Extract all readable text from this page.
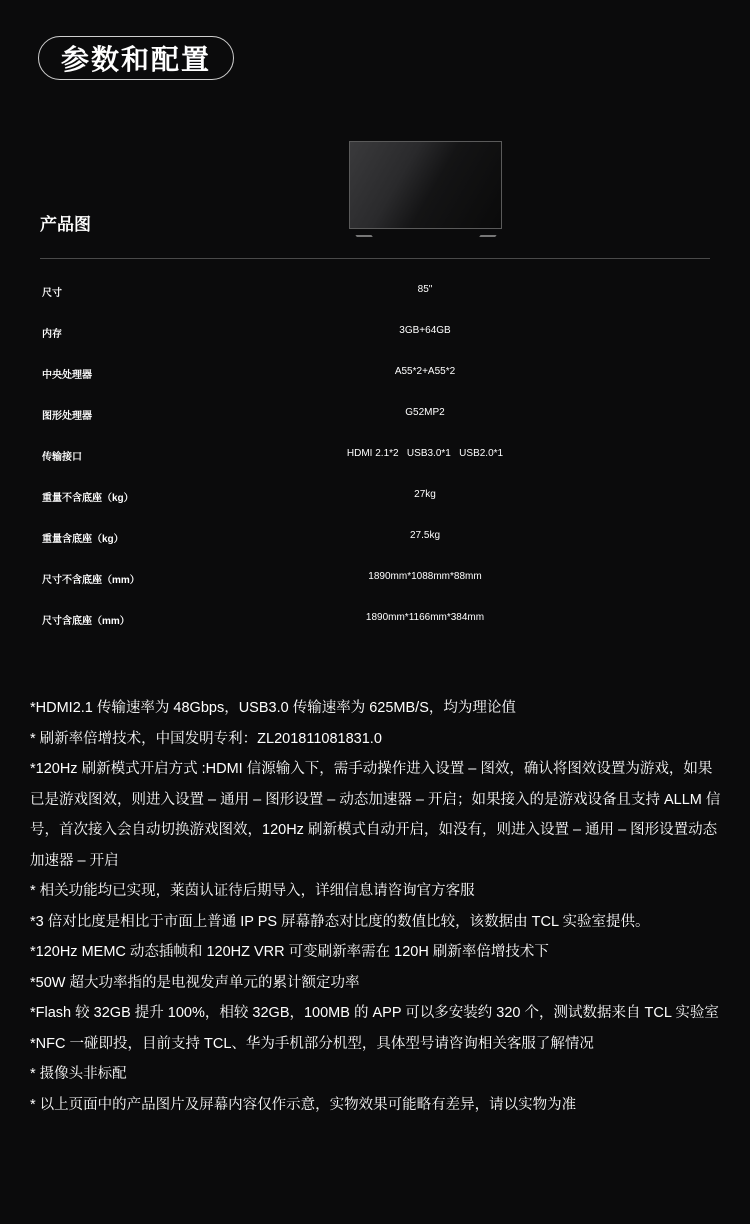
参数和配置
产品图
尺寸	85"
内存	3GB+64GB
中央处理器	A55*2+A55*2
图形处理器	G52MP2
传输接口	HDMI 2.1*2   USB3.0*1   USB2.0*1
重量不含底座（kg）	27kg
重量含底座（kg）	27.5kg
尺寸不含底座（mm）	1890mm*1088mm*88mm
尺寸含底座（mm）	1890mm*1166mm*384mm

*HDMI2.1 传输速率为 48Gbps，USB3.0 传输速率为 625MB/S，均为理论值

* 刷新率倍增技术，中国发明专利：ZL201811081831.0

*120Hz 刷新模式开启方式 :HDMI 信源输入下，需手动操作进入设置 – 图效，确认将图效设置为游戏，如果已是游戏图效，则进入设置 – 通用 – 图形设置 – 动态加速器 – 开启；如果接入的是游戏设备且支持 ALLM 信号，首次接入会自动切换游戏图效，120Hz 刷新模式自动开启，如没有，则进入设置 – 通用 – 图形设置动态加速器 – 开启

* 相关功能均已实现，莱茵认证待后期导入，详细信息请咨询官方客服

*3 倍对比度是相比于市面上普通 IP PS 屏幕静态对比度的数值比较，该数据由 TCL 实验室提供。

*120Hz MEMC 动态插帧和 120HZ VRR 可变刷新率需在 120H 刷新率倍增技术下

*50W 超大功率指的是电视发声单元的累计额定功率

*Flash 较 32GB 提升 100%，相较 32GB，100MB 的 APP 可以多安装约 320 个，测试数据来自 TCL 实验室

*NFC 一碰即投，目前支持 TCL、华为手机部分机型，具体型号请咨询相关客服了解情况

* 摄像头非标配

* 以上页面中的产品图片及屏幕内容仅作示意，实物效果可能略有差异，请以实物为准
